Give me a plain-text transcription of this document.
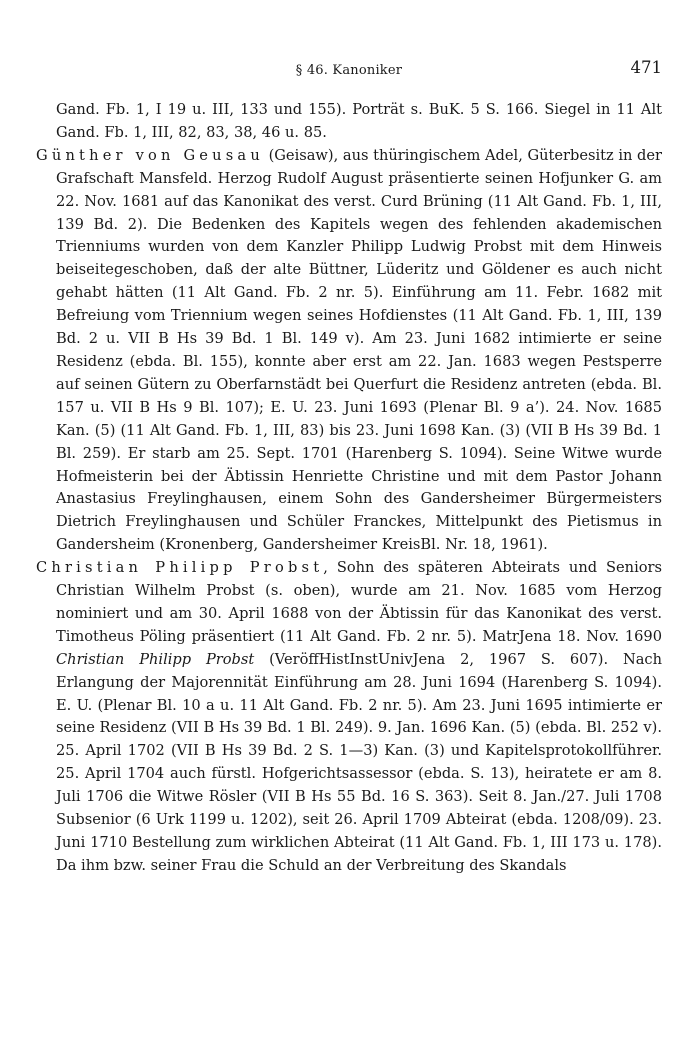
§ 46. Kanoniker	471

Gand. Fb. 1, I 19 u. III, 133 und 155). Porträt s. BuK. 5 S. 166. Siegel in 11 Alt Gand. Fb. 1, III, 82, 83, 38, 46 u. 85.

Günther von Geusau (Geisaw), aus thüringischem Adel, Güterbesitz in der Grafschaft Mansfeld. Herzog Rudolf August präsentierte seinen Hofjunker G. am 22. Nov. 1681 auf das Kanonikat des verst. Curd Brüning (11 Alt Gand. Fb. 1, III, 139 Bd. 2). Die Bedenken des Kapitels wegen des fehlenden akademischen Trienniums wurden von dem Kanzler Philipp Ludwig Probst mit dem Hinweis beiseitegeschoben, daß der alte Büttner, Lüderitz und Göldener es auch nicht gehabt hätten (11 Alt Gand. Fb. 2 nr. 5). Einführung am 11. Febr. 1682 mit Befreiung vom Triennium wegen seines Hofdienstes (11 Alt Gand. Fb. 1, III, 139 Bd. 2 u. VII B Hs 39 Bd. 1 Bl. 149 v). Am 23. Juni 1682 intimierte er seine Residenz (ebda. Bl. 155), konnte aber erst am 22. Jan. 1683 wegen Pestsperre auf seinen Gütern zu Oberfarnstädt bei Querfurt die Residenz antreten (ebda. Bl. 157 u. VII B Hs 9 Bl. 107); E. U. 23. Juni 1693 (Plenar Bl. 9 a’). 24. Nov. 1685 Kan. (5) (11 Alt Gand. Fb. 1, III, 83) bis 23. Juni 1698 Kan. (3) (VII B Hs 39 Bd. 1 Bl. 259). Er starb am 25. Sept. 1701 (Harenberg S. 1094). Seine Witwe wurde Hofmeisterin bei der Äbtissin Henriette Christine und mit dem Pastor Johann Anastasius Freylinghausen, einem Sohn des Gandersheimer Bürgermeisters Dietrich Freylinghausen und Schüler Franckes, Mittelpunkt des Pietismus in Gandersheim (Kronenberg, Gandersheimer KreisBl. Nr. 18, 1961).

Christian Philipp Probst, Sohn des späteren Abteirats und Seniors Christian Wilhelm Probst (s. oben), wurde am 21. Nov. 1685 vom Herzog nominiert und am 30. April 1688 von der Äbtissin für das Kanonikat des verst. Timotheus Pöling präsentiert (11 Alt Gand. Fb. 2 nr. 5). MatrJena 18. Nov. 1690 Christian Philipp Probst (VeröffHistInstUnivJena 2, 1967 S. 607). Nach Erlangung der Majorennität Einführung am 28. Juni 1694 (Harenberg S. 1094). E. U. (Plenar Bl. 10 a u. 11 Alt Gand. Fb. 2 nr. 5). Am 23. Juni 1695 intimierte er seine Residenz (VII B Hs 39 Bd. 1 Bl. 249). 9. Jan. 1696 Kan. (5) (ebda. Bl. 252 v). 25. April 1702 (VII B Hs 39 Bd. 2 S. 1—3) Kan. (3) und Kapitelsprotokollführer. 25. April 1704 auch fürstl. Hofgerichtsassessor (ebda. S. 13), heiratete er am 8. Juli 1706 die Witwe Rösler (VII B Hs 55 Bd. 16 S. 363). Seit 8. Jan./27. Juli 1708 Subsenior (6 Urk 1199 u. 1202), seit 26. April 1709 Abteirat (ebda. 1208/09). 23. Juni 1710 Bestellung zum wirklichen Abteirat (11 Alt Gand. Fb. 1, III 173 u. 178). Da ihm bzw. seiner Frau die Schuld an der Verbreitung des Skandals
